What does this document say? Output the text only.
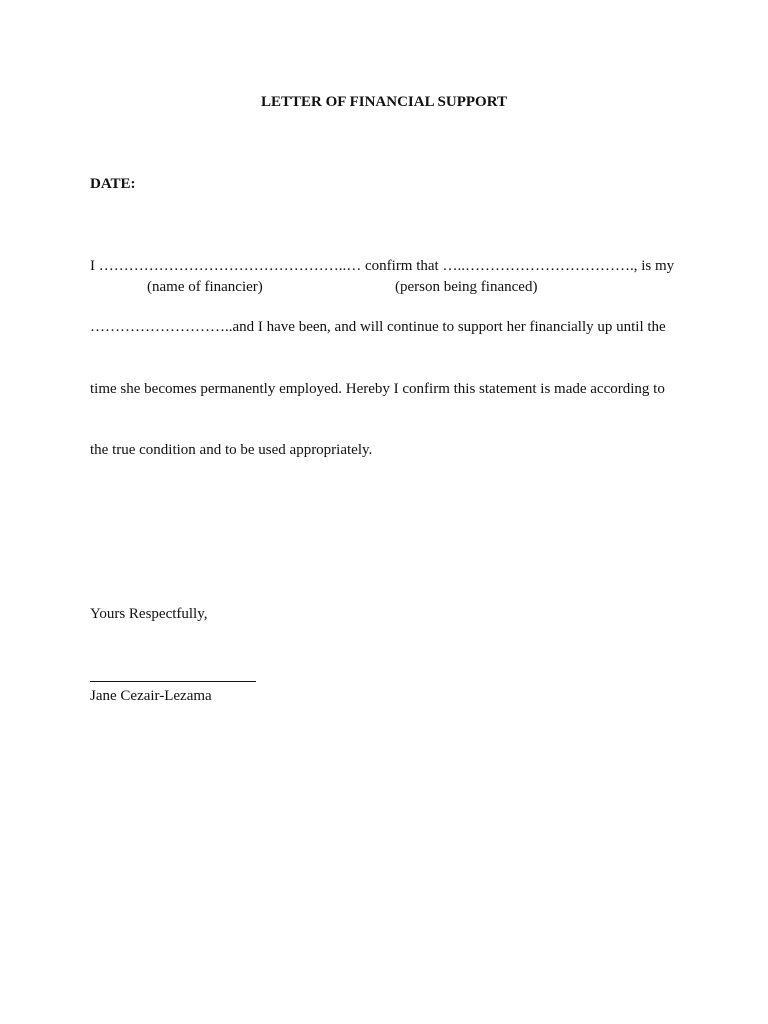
LETTER OF FINANCIAL SUPPORT
DATE:
I …………………………………………..… confirm that …..……………………………., is my
(name of financier)	(person being financed)
………………………..and I have been, and will continue to support her financially up until the
time she becomes permanently employed. Hereby I confirm this statement is made according to
the true condition and to be used appropriately.
Yours Respectfully,
Jane Cezair-Lezama
